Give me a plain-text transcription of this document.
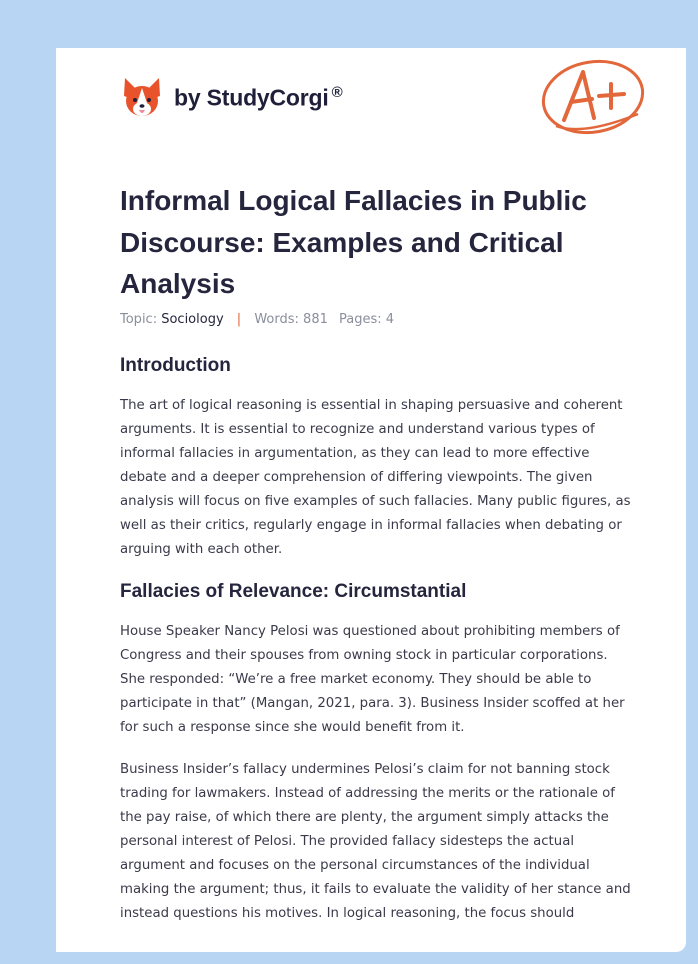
by StudyCorgi ®
Informal Logical Fallacies in Public Discourse: Examples and Critical Analysis
Topic: Sociology | Words: 881 Pages: 4
Introduction

The art of logical reasoning is essential in shaping persuasive and coherent arguments. It is essential to recognize and understand various types of informal fallacies in argumentation, as they can lead to more effective debate and a deeper comprehension of differing viewpoints. The given analysis will focus on five examples of such fallacies. Many public figures, as well as their critics, regularly engage in informal fallacies when debating or arguing with each other.

Fallacies of Relevance: Circumstantial

House Speaker Nancy Pelosi was questioned about prohibiting members of Congress and their spouses from owning stock in particular corporations. She responded: “We’re a free market economy. They should be able to participate in that” (Mangan, 2021, para. 3). Business Insider scoffed at her for such a response since she would benefit from it.

Business Insider’s fallacy undermines Pelosi’s claim for not banning stock trading for lawmakers. Instead of addressing the merits or the rationale of the pay raise, of which there are plenty, the argument simply attacks the personal interest of Pelosi. The provided fallacy sidesteps the actual argument and focuses on the personal circumstances of the individual making the argument; thus, it fails to evaluate the validity of her stance and instead questions his motives. In logical reasoning, the focus should
